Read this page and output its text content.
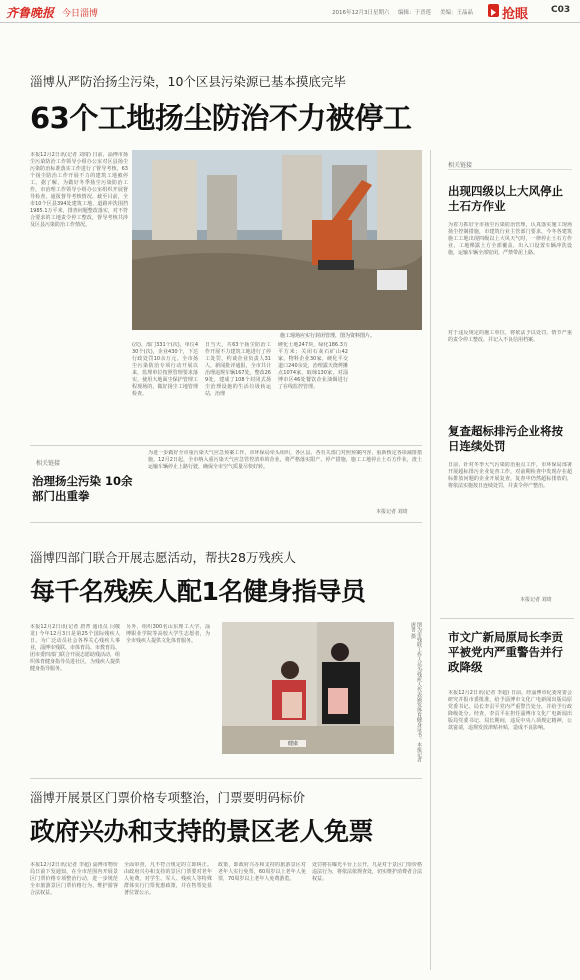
齐鲁晚报 今日淄博	2016年12月3日 星期六 编辑：于晋莲 美编：王晶晶 抢眼	C03
淄博从严防治扬尘污染，10个区县污染源已基本摸底完毕
63个工地扬尘防治不力被停工
本报12月2日讯(记者 刘琦) 日前，淄博市扬尘污染防治工作领导小组办公室对区县扬尘污染防治标准落实工作进行了督导考核，63个扬尘防治工作开展不力的建筑工地被停工。据了解，为做好冬季扬尘污染防治工作，市治理工作领导小组办公室组织开展督导检查，通报督导考核情况。截至目前，全市10个区县394处建筑工地、道路冲洗围挡1985.1万平米，排查问题整改落实，对不符合要求的工地责令停工整改，督导考核共涉及区县污染防治工作情况。
施工现场应实行封闭管理，图为资料图片。
(次)，部门331个(次)，单位430个(次)，企业430个，下达行政处罚10余万元。全市扬尘污染防治专项行动开展以来，监理单位按照管理要求落实，使用大地面尘保护管理工程现场的，做好扬尘工地管理检查。
日当天，共63个扬尘防治工作开展不力建筑工地进行了停工处罚，约谈企业负责人31人，新闻批评通报，全市共计治理违规车辆167处，整改269处，建成了108个封闭式扬尘治理设施的生活垃圾转运站，治理
硬化土地247块，绿化186.3万平方米；关闭石灰石矿山42家，物料企业30家，硬化平交道口240余处，治理露天烧烤摊点1074家，取缔130家，对淄博市区46处餐饮企业油烟进行了在线监控管理。
相关链接
治理扬尘污染 10余部门出重拳
为进一步做好全市重污染天气应急预案工作，市环保局牵头组织，各区县、各有关部门对照预案内容，重新核定各项减排措施。12月2日起，全市纳入重污染天气应急管控清单的企业，将严格落实限产、停产措施，施工工地停止土石方作业，渣土运输车辆停止上路行驶，确保全市空气质量尽快好转。
本报记者 刘琦
相关链接
出现四级以上大风停止土石方作业
为着力抓好全市扬尘污染防治管理，认真落实施工现场扬尘控制措施，市建筑行业主管部门要求，今冬各建筑施工工地出现四级以上大风天气时，一律停止土石方作业，工地裸露土方全部覆盖，出入口设置车辆冲洗设施，运输车辆全部密闭，严禁带泥上路。
对于违反规定的施工单位，将依法予以处罚，情节严重的责令停工整改，并记入不良信用档案。
复查超标排污企业将按日连续处罚
日前，针对冬季大气污染防治重点工作，市环保局部署开展超标排污企业复查工作，对前期检查中发现存在超标排放问题的企业开展复查，复查中仍然超标排放的，将依法实施按日连续处罚，并责令停产整治。
本报记者 刘琦
市文广新局原局长李贡平被党内严重警告并行政降级
本报12月2日讯(记者 李超) 日前，经淄博市纪委常委会研究并报市委批准，给予淄博市文化广电新闻出版局原党委书记、局长李贡平党内严重警告处分，并给予行政降级处分。经查，李贡平在担任淄博市文化广电新闻出版局党委书记、局长期间，违反中央八项规定精神，公款宴请，违规发放津贴补贴，造成不良影响。
淄博四部门联合开展志愿活动，帮扶28万残疾人
每千名残疾人配1名健身指导员
本报12月2日讯(记者 唐菁 通讯员 闫敬龙) 今年12月3日是第25个国际残疾人日，为广泛动员社会各界关心残疾人事业，淄博市残联、市体育局、市教育局、团市委四部门联合开展志愿助残活动，组织体育健身指导员进社区，为残疾人提供健身指导服务。
另外，组织300名山东理工大学、淄博职业学院等高校大学生志愿者，为全市残疾人提供文化体育服务。
健康	图为市残联工作人员为残疾人代表颁发体育健身证书。本报记者 唐菁 摄
淄博开展景区门票价格专项整治，门票要明码标价
政府兴办和支持的景区老人免票
本报12月2日讯(记者 李超) 淄博市物价局日前下发通知，在全市范围内开展景区门票价格专项整治行动，进一步规范全市旅游景区门票价格行为，维护游客合法权益。
全面审查，凡不符合规定的立即纠正。由政府兴办和支持的景区门票要对老年人免费，对学生、军人、残疾人等特殊群体实行门票优惠政策，并在售票处显著位置公示。
政策，即政府兴办和支持的旅游景区对老年人实行免票，60周岁以上老年人免票，70周岁以上老年人免费游览。
处罚将在曝光平台上公开，凡是对于景区门票价格违法行为，将依法依规查处，切实维护消费者合法权益。
